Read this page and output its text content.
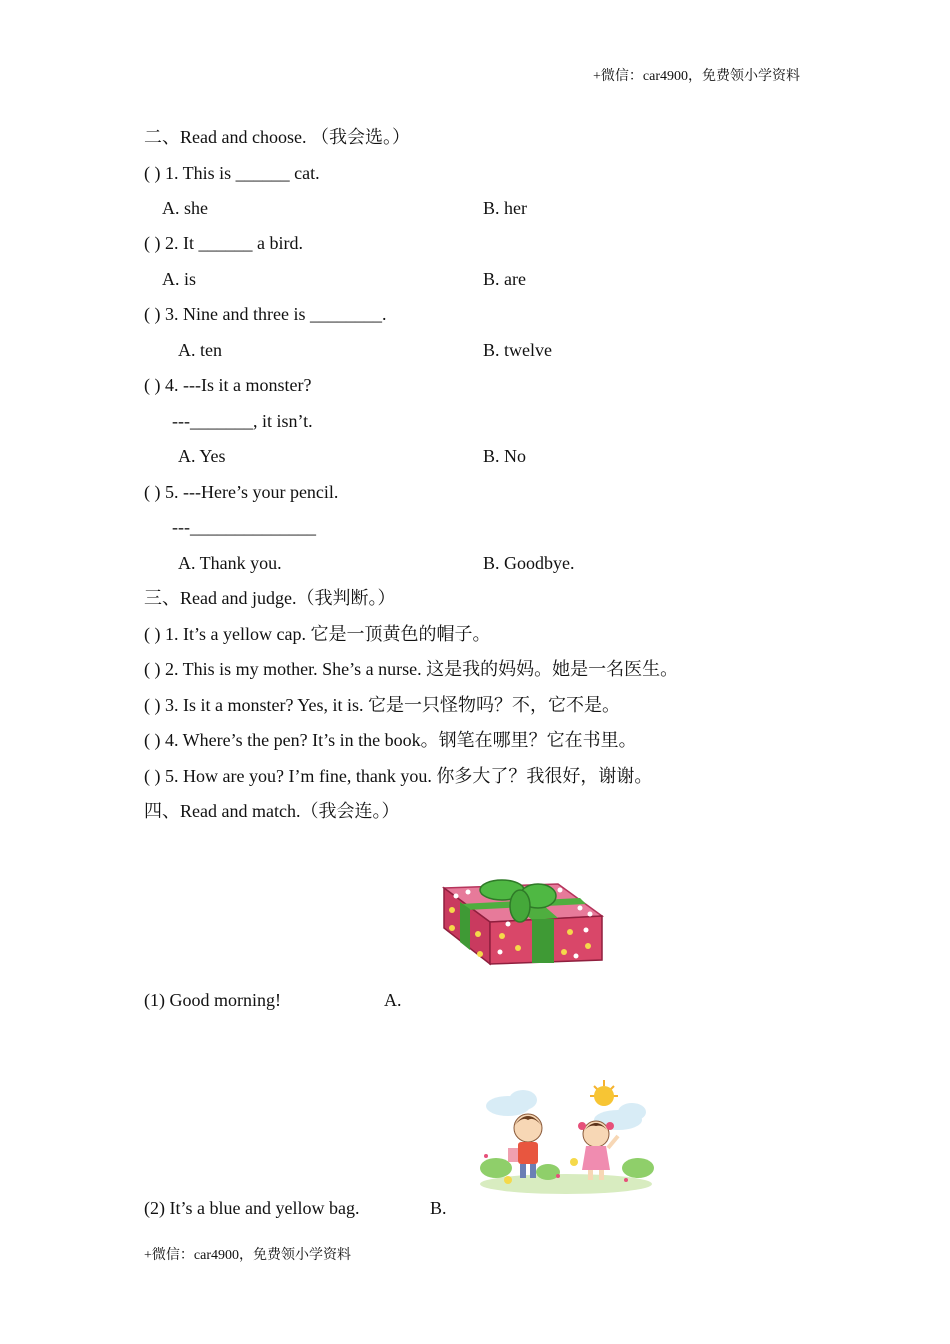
+微信：car4900，免费领小学资料
二、Read and choose. （我会选。）
( ) 1. This is ______ cat.
A. she	B. her
( ) 2. It ______ a bird.
A. is	B. are
( ) 3. Nine and three is ________.
A. ten	B. twelve
( ) 4. ---Is it a monster?
---_______, it isn’t.
A. Yes	B. No
( ) 5. ---Here’s your pencil.
---______________
A. Thank you.	B. Goodbye.
三、Read and judge.（我判断。）
( ) 1. It’s a yellow cap. 它是一顶黄色的帽子。
( ) 2. This is my mother. She’s a nurse. 这是我的妈妈。她是一名医生。
( ) 3. Is it a monster? Yes, it is. 它是一只怪物吗？不，它不是。
( ) 4. Where’s the pen? It’s in the book。钢笔在哪里？它在书里。
( ) 5. How are you? I’m fine, thank you. 你多大了？我很好，谢谢。
四、Read and match.（我会连。）
(1) Good morning!	A.
(2) It’s a blue and yellow bag.	B.
+微信：car4900，免费领小学资料
